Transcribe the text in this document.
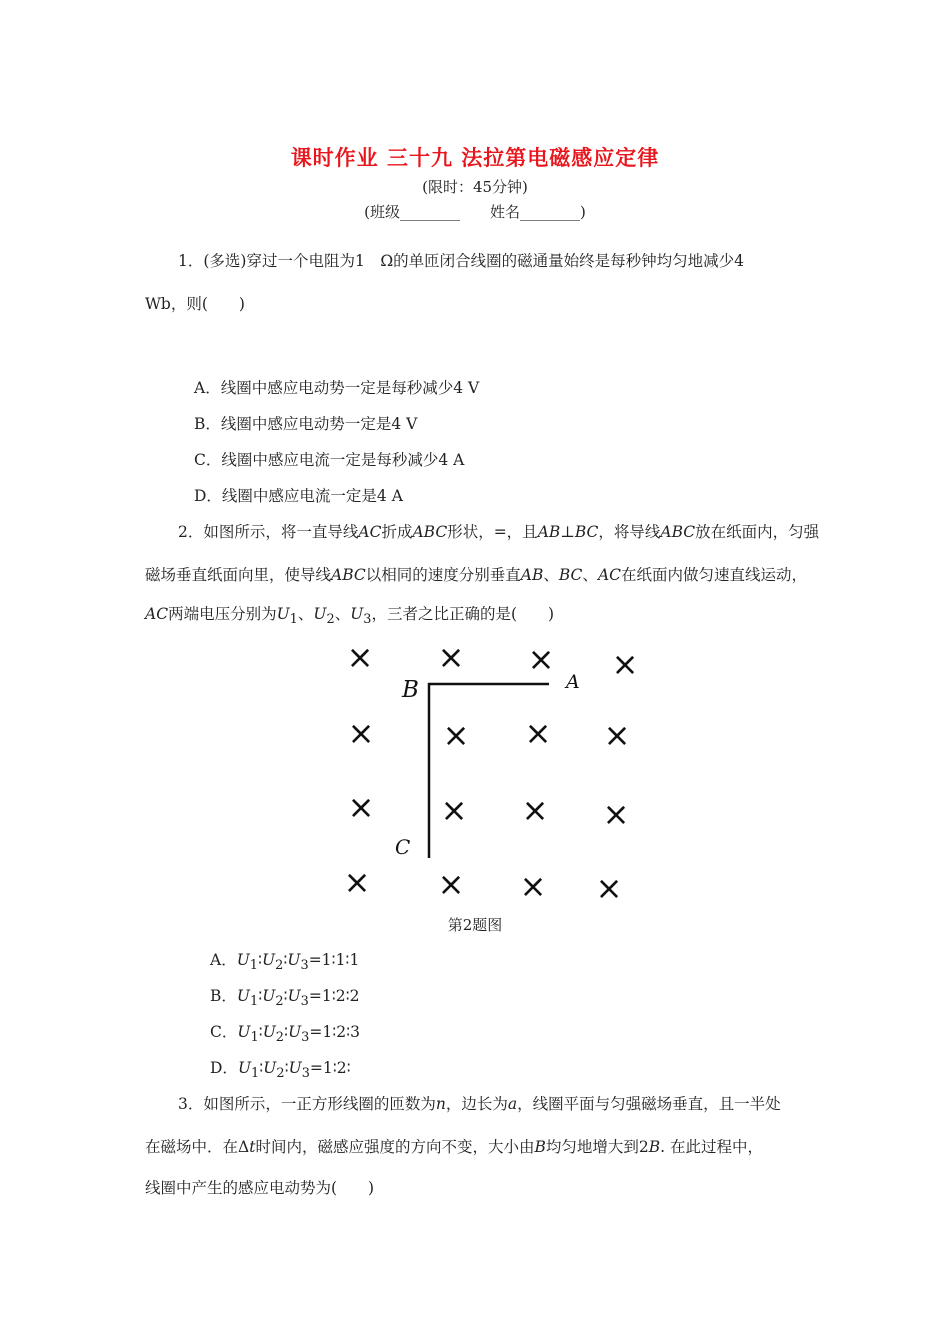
课时作业 三十九 法拉第电磁感应定律
(限时：45分钟)
(班级________　　姓名________)
1．(多选)穿过一个电阻为1　Ω的单匝闭合线圈的磁通量始终是每秒钟均匀地减少4
Wb，则(　　)
A．线圈中感应电动势一定是每秒减少4 V
B．线圈中感应电动势一定是4 V
C．线圈中感应电流一定是每秒减少4 A
D．线圈中感应电流一定是4 A
2．如图所示，将一直导线AC折成ABC形状，=，且AB⊥BC，将导线ABC放在纸面内，匀强
磁场垂直纸面向里，使导线ABC以相同的速度分别垂直AB、BC、AC在纸面内做匀速直线运动，
AC两端电压分别为$U_1$、$U_2$、$U_3$，三者之比正确的是(　　)
× × × ×
× × × ×
× × × ×
× × × ×
B	A
C
第2题图
A．$U_1∶U_2∶U_3=1∶1∶1$
B．$U_1∶U_2∶U_3=1∶2∶2$
C．$U_1∶U_2∶U_3=1∶2∶3$
D．$U_1∶U_2∶U_3=1∶2∶$
3．如图所示，一正方形线圈的匝数为n，边长为a，线圈平面与匀强磁场垂直，且一半处
在磁场中．在Δt时间内，磁感应强度的方向不变，大小由B均匀地增大到2B. 在此过程中，
线圈中产生的感应电动势为(　　)
